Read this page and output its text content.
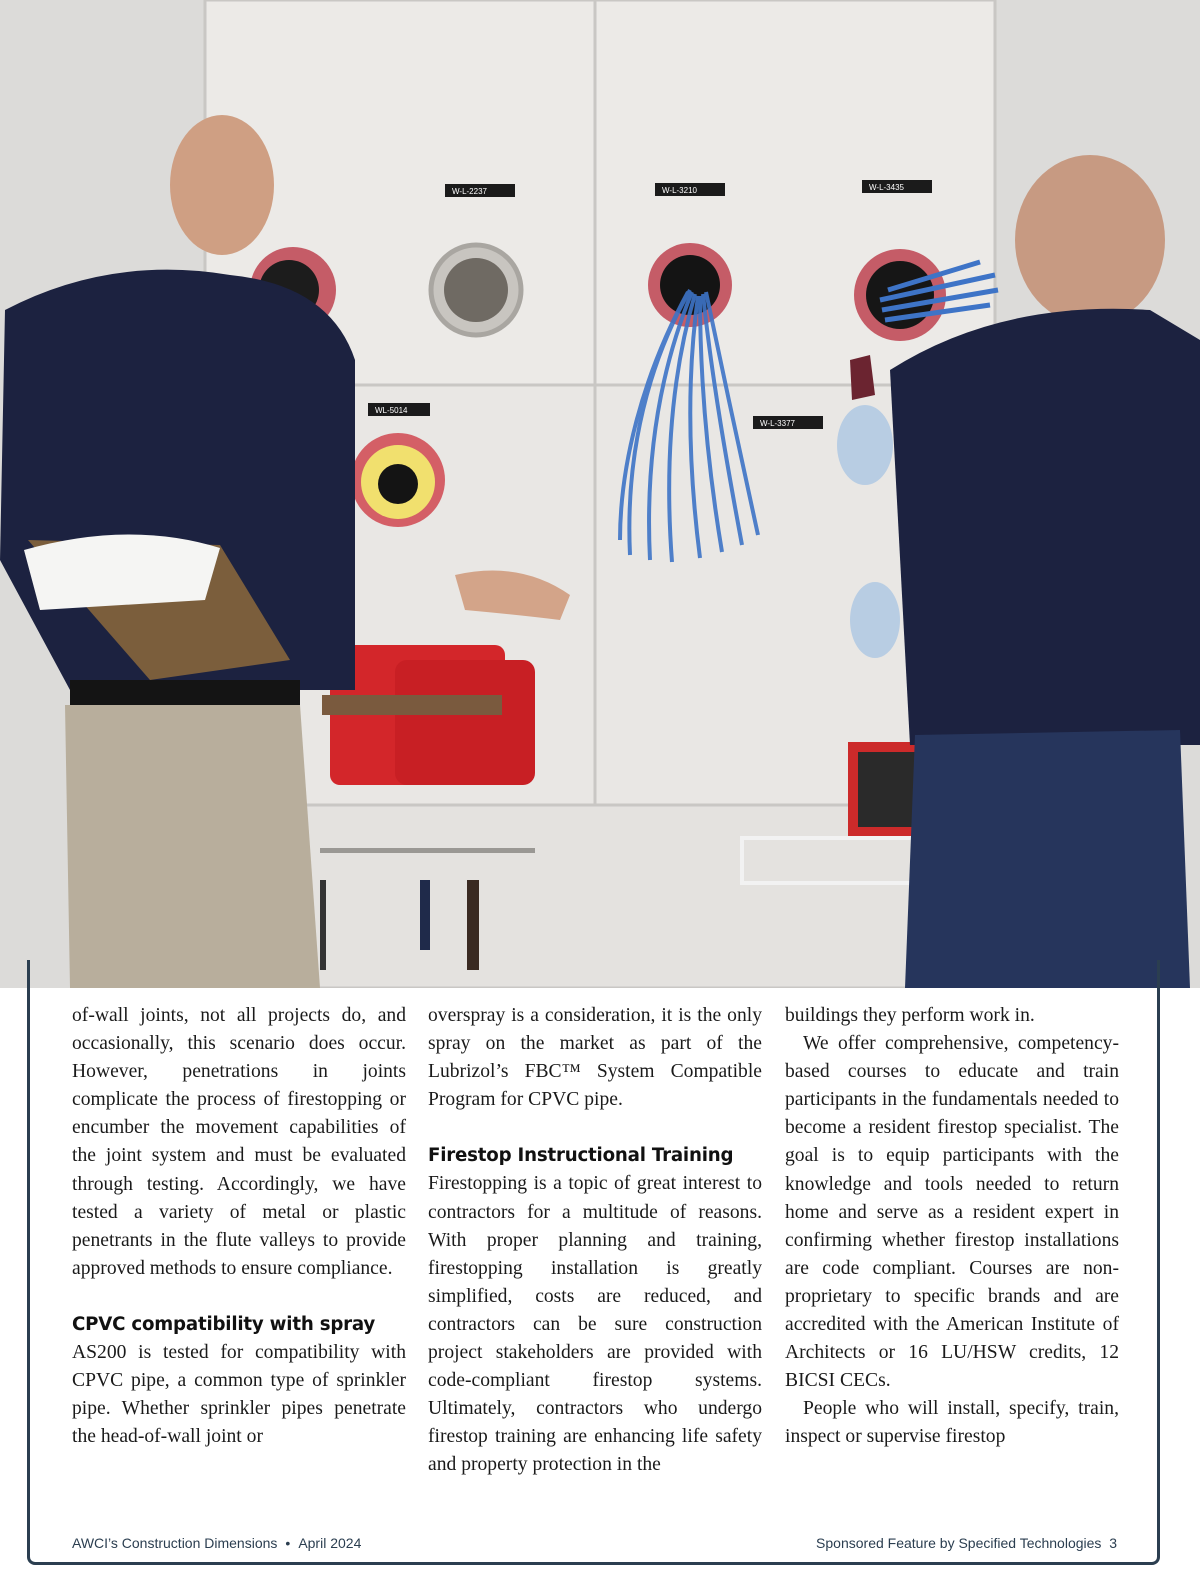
W-L-2237	W-L-3210	W-L-3435
WL-5014
W-L-3377

of-wall joints, not all projects do, and occasionally, this scenario does occur. However, penetrations in joints complicate the process of firestopping or encumber the movement capabilities of the joint system and must be evaluated through testing. Accordingly, we have tested a variety of metal or plastic penetrants in the flute valleys to provide approved methods to ensure compliance.

CPVC compatibility with spray

AS200 is tested for compatibility with CPVC pipe, a common type of sprinkler pipe. Whether sprinkler pipes penetrate the head-of-wall joint or

overspray is a consideration, it is the only spray on the market as part of the Lubrizol’s FBC™ System Compatible Program for CPVC pipe.

Firestop Instructional Training

Firestopping is a topic of great interest to contractors for a multitude of reasons. With proper planning and training, firestopping installation is greatly simplified, costs are reduced, and contractors can be sure construction project stakeholders are provided with code-compliant firestop systems. Ultimately, contractors who undergo firestop training are enhancing life safety and property protection in the

buildings they perform work in.

We offer comprehensive, competency-based courses to educate and train participants in the fundamentals needed to become a resident firestop specialist. The goal is to equip participants with the knowledge and tools needed to return home and serve as a resident expert in confirming whether firestop installations are code compliant. Courses are non-proprietary to specific brands and are accredited with the American Institute of Architects or 16 LU/HSW credits, 12 BICSI CECs.

People who will install, specify, train, inspect or supervise firestop

AWCI’s Construction Dimensions • April 2024	Sponsored Feature by Specified Technologies 3
